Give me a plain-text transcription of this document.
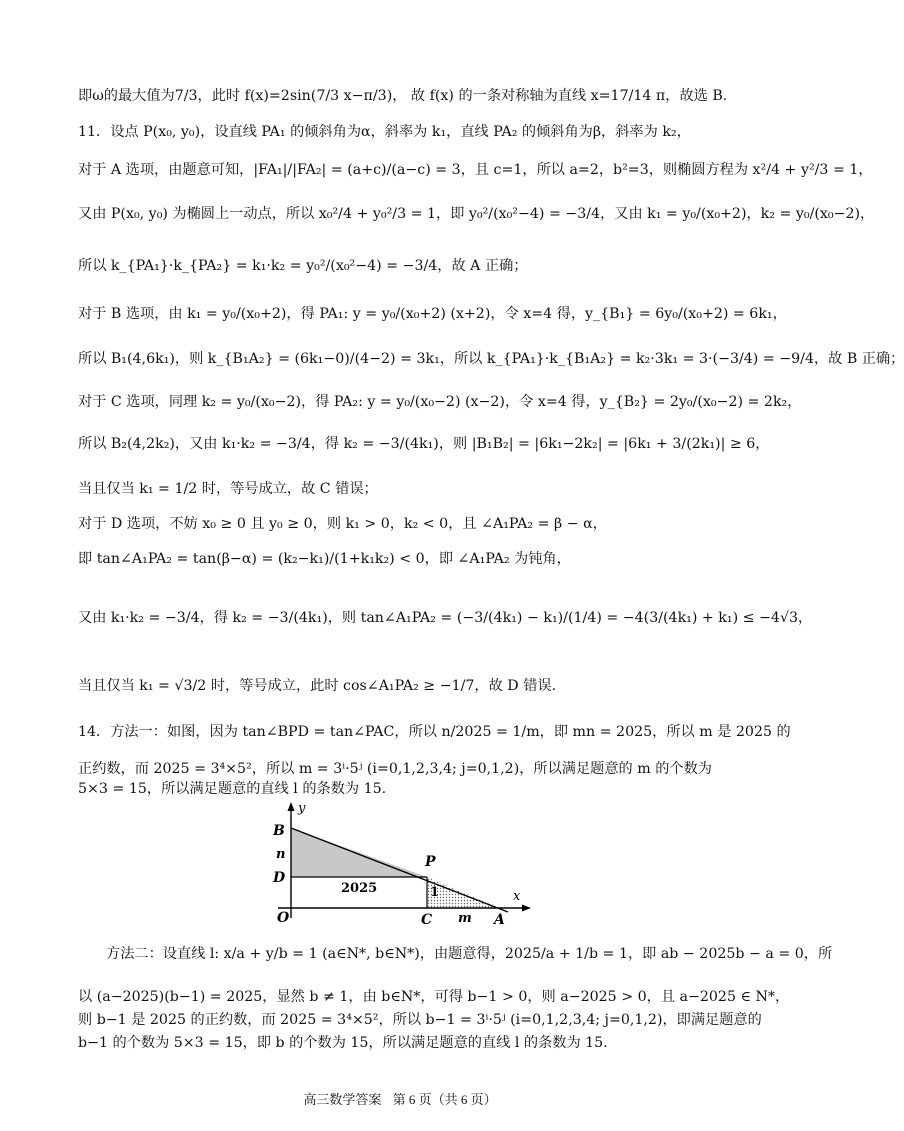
即ω的最大值为7/3，此时 f(x)=2sin(7/3 x−π/3)， 故 f(x) 的一条对称轴为直线 x=17/14 π，故选 B.
11．设点 P(x₀, y₀)，设直线 PA₁ 的倾斜角为α，斜率为 k₁，直线 PA₂ 的倾斜角为β，斜率为 k₂，
对于 A 选项，由题意可知，|FA₁|/|FA₂| = (a+c)/(a−c) = 3，且 c=1，所以 a=2，b²=3，则椭圆方程为 x²/4 + y²/3 = 1，
又由 P(x₀, y₀) 为椭圆上一动点，所以 x₀²/4 + y₀²/3 = 1，即 y₀²/(x₀²−4) = −3/4，又由 k₁ = y₀/(x₀+2)，k₂ = y₀/(x₀−2)，
所以 k_{PA₁}·k_{PA₂} = k₁·k₂ = y₀²/(x₀²−4) = −3/4，故 A 正确；
对于 B 选项，由 k₁ = y₀/(x₀+2)，得 PA₁: y = y₀/(x₀+2) (x+2)，令 x=4 得，y_{B₁} = 6y₀/(x₀+2) = 6k₁，
所以 B₁(4,6k₁)，则 k_{B₁A₂} = (6k₁−0)/(4−2) = 3k₁，所以 k_{PA₁}·k_{B₁A₂} = k₂·3k₁ = 3·(−3/4) = −9/4，故 B 正确；
对于 C 选项，同理 k₂ = y₀/(x₀−2)，得 PA₂: y = y₀/(x₀−2) (x−2)，令 x=4 得，y_{B₂} = 2y₀/(x₀−2) = 2k₂，
所以 B₂(4,2k₂)，又由 k₁·k₂ = −3/4，得 k₂ = −3/(4k₁)，则 |B₁B₂| = |6k₁−2k₂| = |6k₁ + 3/(2k₁)| ≥ 6，
当且仅当 k₁ = 1/2 时，等号成立，故 C 错误；
对于 D 选项，不妨 x₀ ≥ 0 且 y₀ ≥ 0，则 k₁ > 0，k₂ < 0，且 ∠A₁PA₂ = β − α，
即 tan∠A₁PA₂ = tan(β−α) = (k₂−k₁)/(1+k₁k₂) < 0，即 ∠A₁PA₂ 为钝角，
又由 k₁·k₂ = −3/4，得 k₂ = −3/(4k₁)，则 tan∠A₁PA₂ = (−3/(4k₁) − k₁)/(1/4) = −4(3/(4k₁) + k₁) ≤ −4√3，
当且仅当 k₁ = √3/2 时，等号成立，此时 cos∠A₁PA₂ ≥ −1/7，故 D 错误.
14．方法一：如图，因为 tan∠BPD = tan∠PAC，所以 n/2025 = 1/m，即 mn = 2025，所以 m 是 2025 的
正约数，而 2025 = 3⁴×5²，所以 m = 3ⁱ·5ʲ (i=0,1,2,3,4; j=0,1,2)，所以满足题意的 m 的个数为
5×3 = 15，所以满足题意的直线 l 的条数为 15.
y
x
B
n
D
P
2025	1
O	C m A
方法二：设直线 l: x/a + y/b = 1 (a∈N*, b∈N*)，由题意得，2025/a + 1/b = 1，即 ab − 2025b − a = 0，所
以 (a−2025)(b−1) = 2025，显然 b ≠ 1，由 b∈N*，可得 b−1 > 0，则 a−2025 > 0，且 a−2025 ∈ N*，
则 b−1 是 2025 的正约数，而 2025 = 3⁴×5²，所以 b−1 = 3ⁱ·5ʲ (i=0,1,2,3,4; j=0,1,2)，即满足题意的
b−1 的个数为 5×3 = 15，即 b 的个数为 15，所以满足题意的直线 l 的条数为 15.
高三数学答案 第 6 页（共 6 页）
